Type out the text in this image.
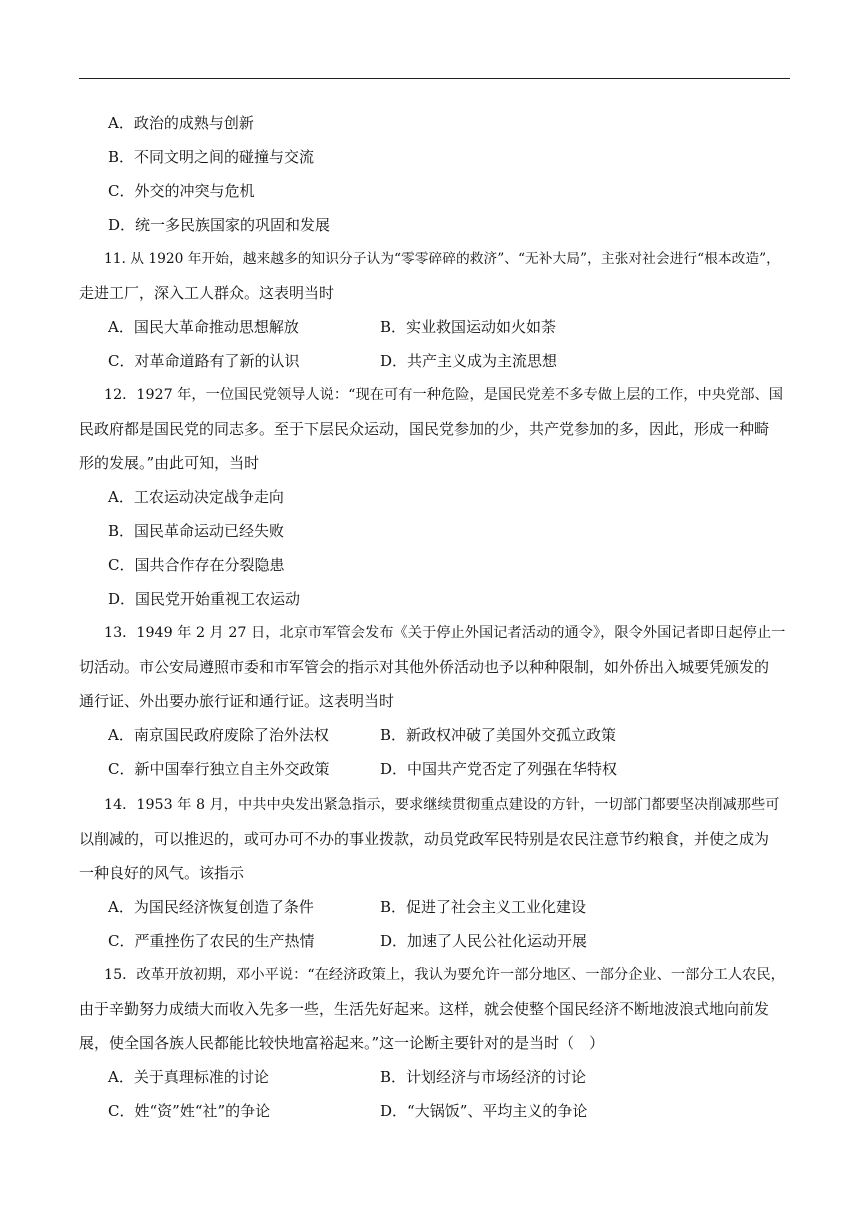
A．政治的成熟与创新
B．不同文明之间的碰撞与交流
C．外交的冲突与危机
D．统一多民族国家的巩固和发展
11. 从 1920 年开始，越来越多的知识分子认为“零零碎碎的救济”、“无补大局”，主张对社会进行“根本改造”，
走进工厂，深入工人群众。这表明当时
A．国民大革命推动思想解放	B．实业救国运动如火如荼
C．对革命道路有了新的认识	D．共产主义成为主流思想
12．1927 年，一位国民党领导人说：“现在可有一种危险，是国民党差不多专做上层的工作，中央党部、国
民政府都是国民党的同志多。至于下层民众运动，国民党参加的少，共产党参加的多，因此，形成一种畸
形的发展。”由此可知，当时
A．工农运动决定战争走向
B．国民革命运动已经失败
C．国共合作存在分裂隐患
D．国民党开始重视工农运动
13．1949 年 2 月 27 日，北京市军管会发布《关于停止外国记者活动的通令》，限令外国记者即日起停止一
切活动。市公安局遵照市委和市军管会的指示对其他外侨活动也予以种种限制，如外侨出入城要凭颁发的
通行证、外出要办旅行证和通行证。这表明当时
A．南京国民政府废除了治外法权	B．新政权冲破了美国外交孤立政策
C．新中国奉行独立自主外交政策	D．中国共产党否定了列强在华特权
14．1953 年 8 月，中共中央发出紧急指示，要求继续贯彻重点建设的方针，一切部门都要坚决削减那些可
以削减的，可以推迟的，或可办可不办的事业拨款，动员党政军民特别是农民注意节约粮食，并使之成为
一种良好的风气。该指示
A．为国民经济恢复创造了条件	B．促进了社会主义工业化建设
C．严重挫伤了农民的生产热情	D．加速了人民公社化运动开展
15．改革开放初期，邓小平说：“在经济政策上，我认为要允许一部分地区、一部分企业、一部分工人农民，
由于辛勤努力成绩大而收入先多一些，生活先好起来。这样，就会使整个国民经济不断地波浪式地向前发
展，使全国各族人民都能比较快地富裕起来。”这一论断主要针对的是当时（　）
A．关于真理标准的讨论	B．计划经济与市场经济的讨论
C．姓“资”姓“社”的争论	D．“大锅饭”、平均主义的争论
